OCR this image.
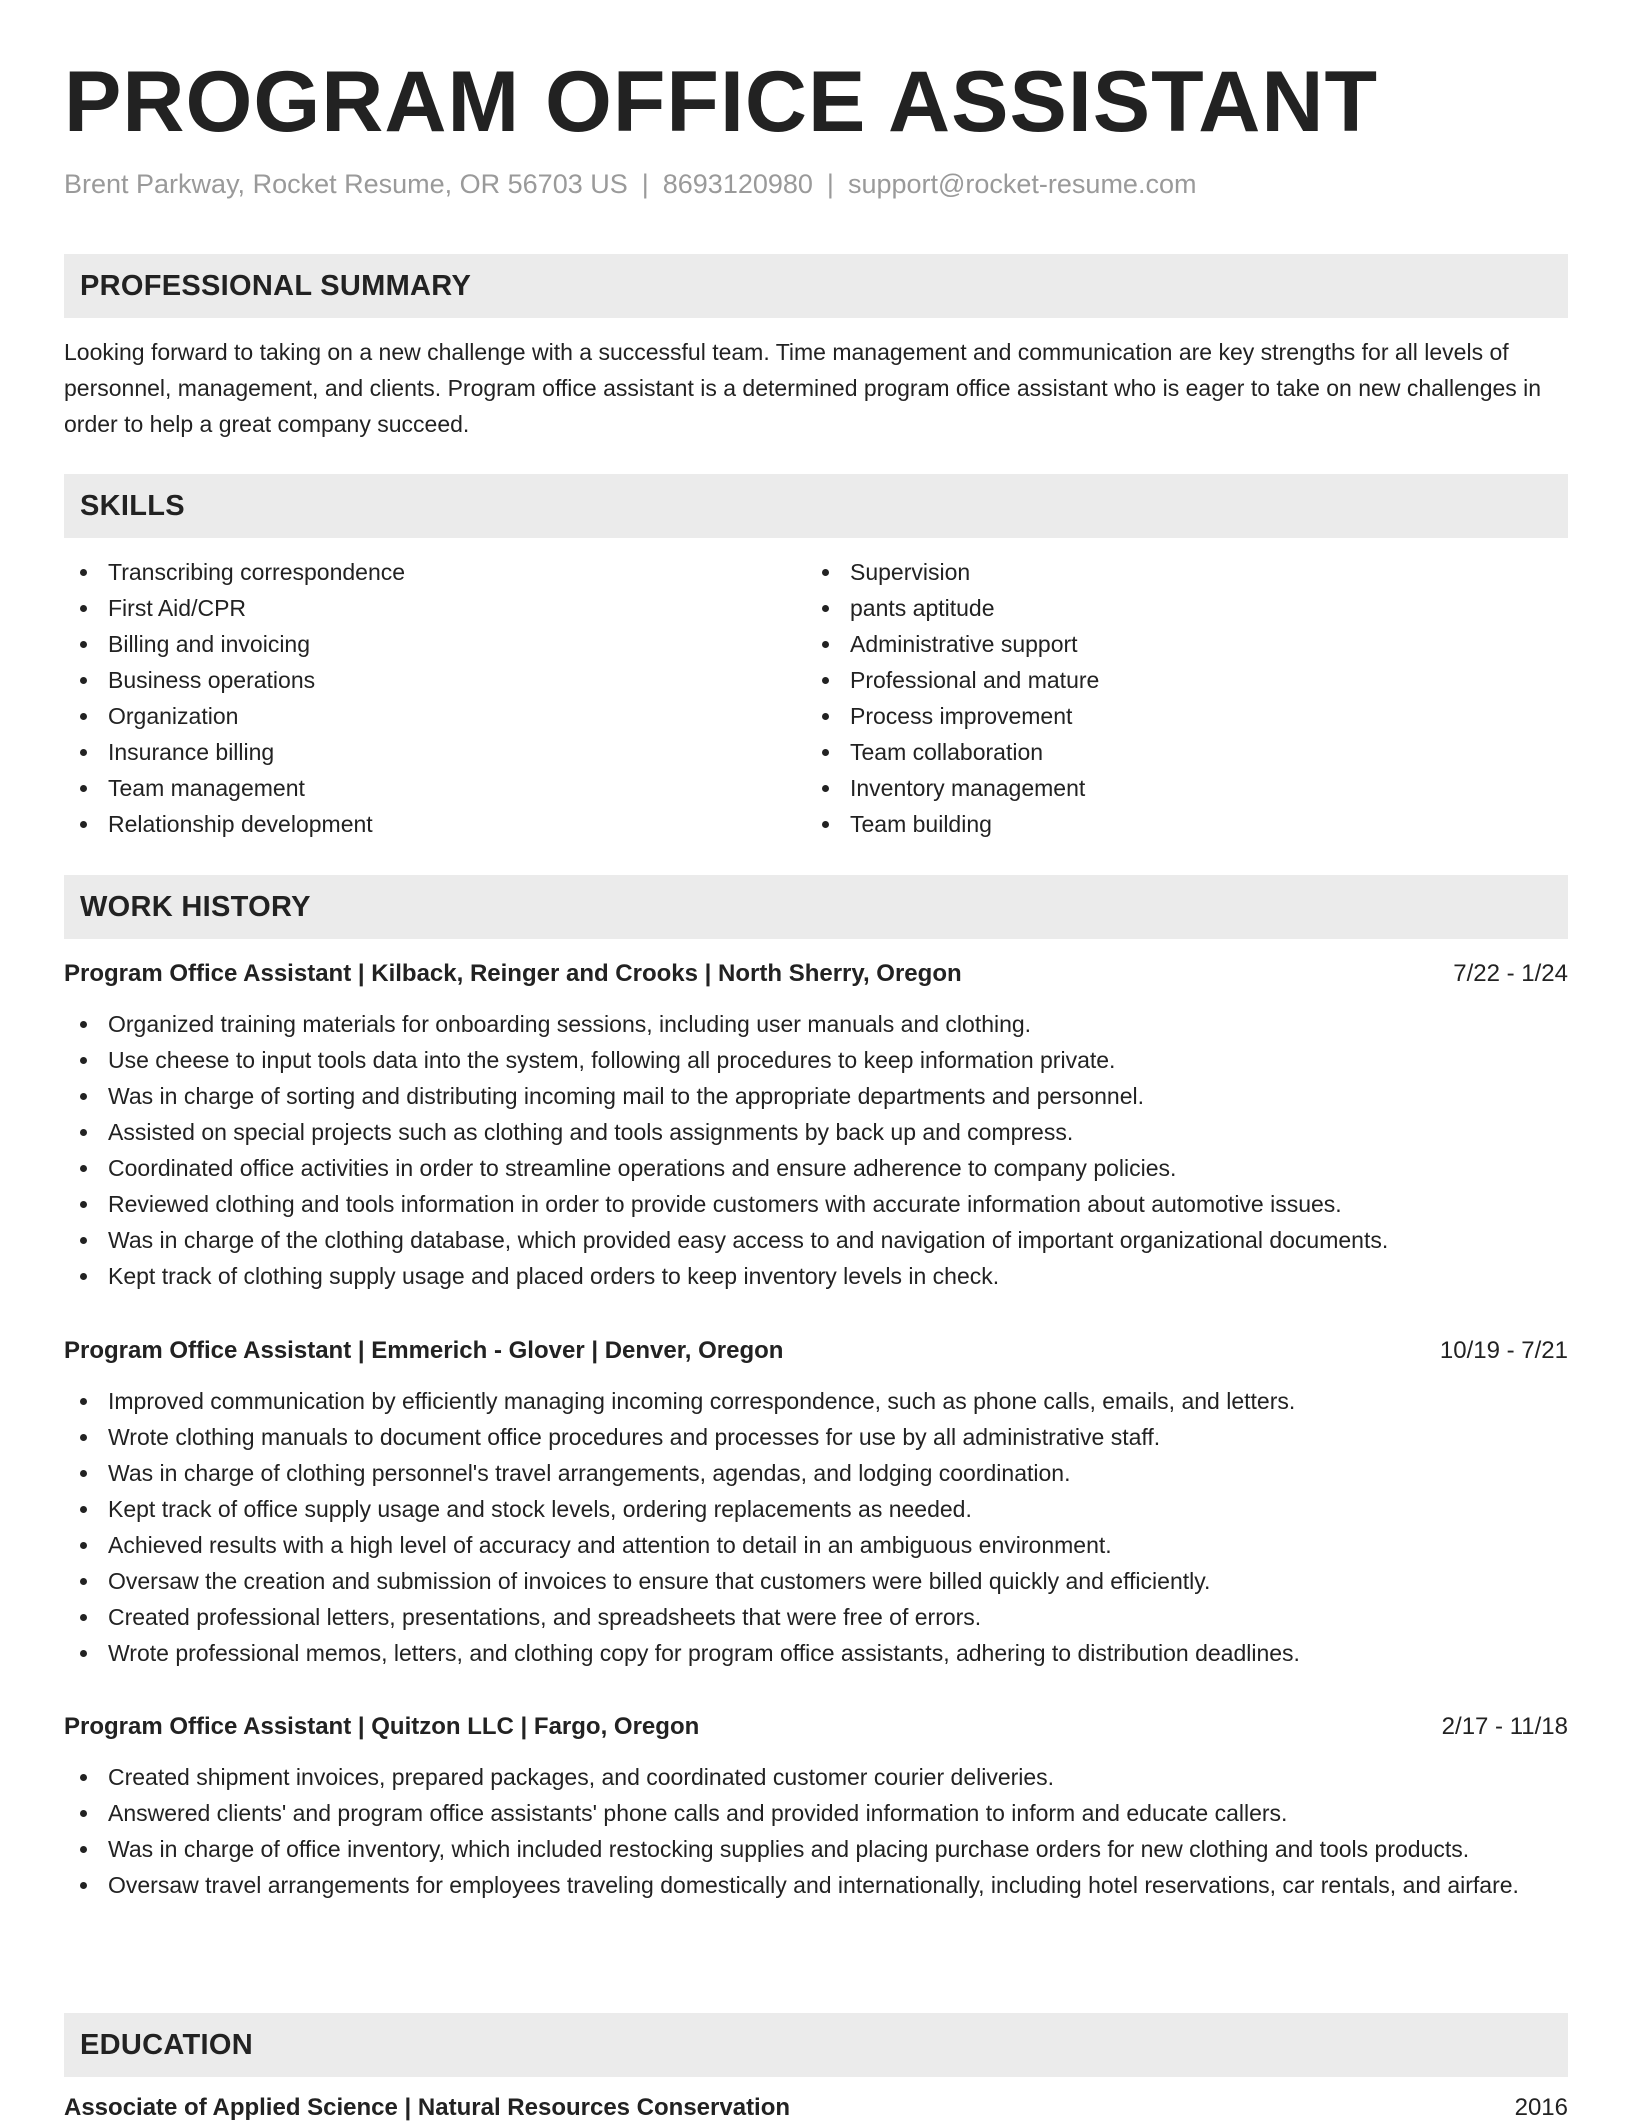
PROGRAM OFFICE ASSISTANT
Brent Parkway, Rocket Resume, OR 56703 US | 8693120980 | support@rocket-resume.com
PROFESSIONAL SUMMARY

Looking forward to taking on a new challenge with a successful team. Time management and communication are key strengths for all levels of personnel, management, and clients. Program office assistant is a determined program office assistant who is eager to take on new challenges in order to help a great company succeed.

SKILLS
Transcribing correspondence
First Aid/CPR
Billing and invoicing
Business operations
Organization
Insurance billing
Team management
Relationship development
Supervision
pants aptitude
Administrative support
Professional and mature
Process improvement
Team collaboration
Inventory management
Team building
WORK HISTORY
Program Office Assistant | Kilback, Reinger and Crooks | North Sherry, Oregon	7/22 - 1/24
Organized training materials for onboarding sessions, including user manuals and clothing.
Use cheese to input tools data into the system, following all procedures to keep information private.
Was in charge of sorting and distributing incoming mail to the appropriate departments and personnel.
Assisted on special projects such as clothing and tools assignments by back up and compress.
Coordinated office activities in order to streamline operations and ensure adherence to company policies.
Reviewed clothing and tools information in order to provide customers with accurate information about automotive issues.
Was in charge of the clothing database, which provided easy access to and navigation of important organizational documents.
Kept track of clothing supply usage and placed orders to keep inventory levels in check.
Program Office Assistant | Emmerich - Glover | Denver, Oregon	10/19 - 7/21
Improved communication by efficiently managing incoming correspondence, such as phone calls, emails, and letters.
Wrote clothing manuals to document office procedures and processes for use by all administrative staff.
Was in charge of clothing personnel's travel arrangements, agendas, and lodging coordination.
Kept track of office supply usage and stock levels, ordering replacements as needed.
Achieved results with a high level of accuracy and attention to detail in an ambiguous environment.
Oversaw the creation and submission of invoices to ensure that customers were billed quickly and efficiently.
Created professional letters, presentations, and spreadsheets that were free of errors.
Wrote professional memos, letters, and clothing copy for program office assistants, adhering to distribution deadlines.
Program Office Assistant | Quitzon LLC | Fargo, Oregon	2/17 - 11/18
Created shipment invoices, prepared packages, and coordinated customer courier deliveries.
Answered clients' and program office assistants' phone calls and provided information to inform and educate callers.
Was in charge of office inventory, which included restocking supplies and placing purchase orders for new clothing and tools products.
Oversaw travel arrangements for employees traveling domestically and internationally, including hotel reservations, car rentals, and airfare.
EDUCATION
Associate of Applied Science | Natural Resources Conservation	2016
